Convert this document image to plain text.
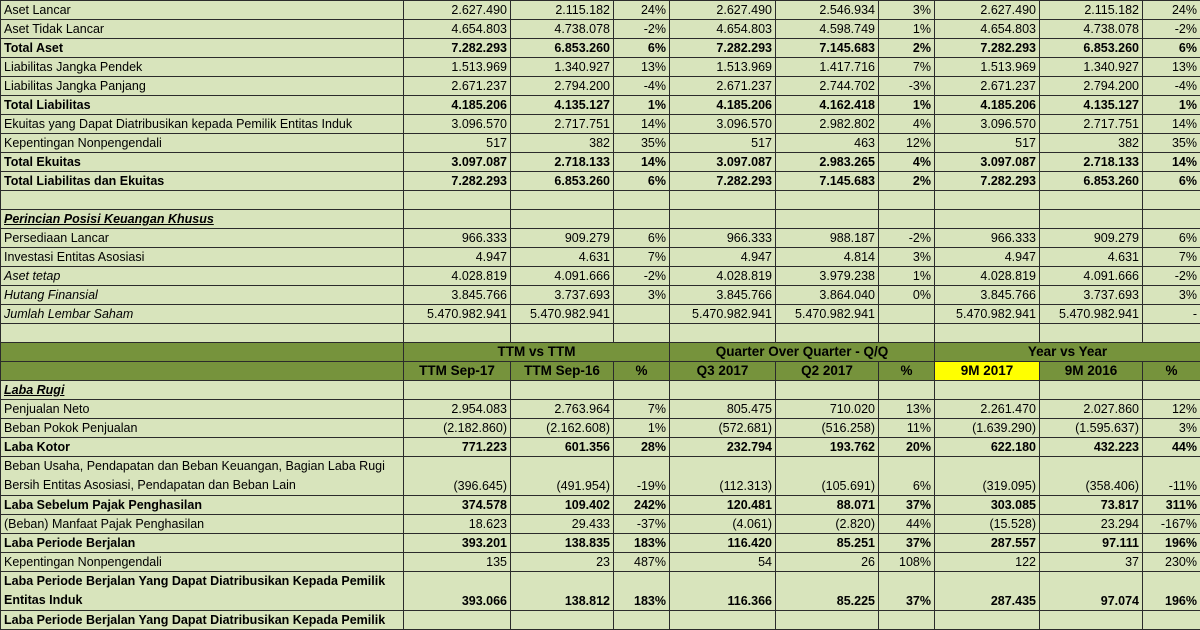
Aset Lancar	2.627.490	2.115.182	24%	2.627.490	2.546.934	3%	2.627.490	2.115.182	24%
Aset Tidak Lancar	4.654.803	4.738.078	-2%	4.654.803	4.598.749	1%	4.654.803	4.738.078	-2%
Total Aset	7.282.293	6.853.260	6%	7.282.293	7.145.683	2%	7.282.293	6.853.260	6%
Liabilitas Jangka Pendek	1.513.969	1.340.927	13%	1.513.969	1.417.716	7%	1.513.969	1.340.927	13%
Liabilitas Jangka Panjang	2.671.237	2.794.200	-4%	2.671.237	2.744.702	-3%	2.671.237	2.794.200	-4%
Total Liabilitas	4.185.206	4.135.127	1%	4.185.206	4.162.418	1%	4.185.206	4.135.127	1%
Ekuitas yang Dapat Diatribusikan kepada Pemilik Entitas Induk	3.096.570	2.717.751	14%	3.096.570	2.982.802	4%	3.096.570	2.717.751	14%
Kepentingan Nonpengendali	517	382	35%	517	463	12%	517	382	35%
Total Ekuitas	3.097.087	2.718.133	14%	3.097.087	2.983.265	4%	3.097.087	2.718.133	14%
Total Liabilitas dan Ekuitas	7.282.293	6.853.260	6%	7.282.293	7.145.683	2%	7.282.293	6.853.260	6%

Perincian Posisi Keuangan Khusus									
Persediaan Lancar	966.333	909.279	6%	966.333	988.187	-2%	966.333	909.279	6%
Investasi Entitas Asosiasi	4.947	4.631	7%	4.947	4.814	3%	4.947	4.631	7%
Aset tetap	4.028.819	4.091.666	-2%	4.028.819	3.979.238	1%	4.028.819	4.091.666	-2%
Hutang Finansial	3.845.766	3.737.693	3%	3.845.766	3.864.040	0%	3.845.766	3.737.693	3%
Jumlah Lembar Saham	5.470.982.941	5.470.982.941		5.470.982.941	5.470.982.941		5.470.982.941	5.470.982.941	-

	TTM vs TTM			Quarter Over Quarter - Q/Q			Year vs Year		
	TTM Sep-17	TTM Sep-16	%	Q3 2017	Q2 2017	%	9M 2017	9M 2016	%
Laba Rugi									
Penjualan Neto	2.954.083	2.763.964	7%	805.475	710.020	13%	2.261.470	2.027.860	12%
Beban Pokok Penjualan	(2.182.860)	(2.162.608)	1%	(572.681)	(516.258)	11%	(1.639.290)	(1.595.637)	3%
Laba Kotor	771.223	601.356	28%	232.794	193.762	20%	622.180	432.223	44%
Beban Usaha, Pendapatan dan Beban Keuangan, Bagian Laba Rugi Bersih Entitas Asosiasi, Pendapatan dan Beban Lain	(396.645)	(491.954)	-19%	(112.313)	(105.691)	6%	(319.095)	(358.406)	-11%
Laba Sebelum Pajak Penghasilan	374.578	109.402	242%	120.481	88.071	37%	303.085	73.817	311%
(Beban) Manfaat Pajak Penghasilan	18.623	29.433	-37%	(4.061)	(2.820)	44%	(15.528)	23.294	-167%
Laba Periode Berjalan	393.201	138.835	183%	116.420	85.251	37%	287.557	97.111	196%
Kepentingan Nonpengendali	135	23	487%	54	26	108%	122	37	230%
Laba Periode Berjalan Yang Dapat Diatribusikan Kepada Pemilik Entitas Induk	393.066	138.812	183%	116.366	85.225	37%	287.435	97.074	196%
Laba Periode Berjalan Yang Dapat Diatribusikan Kepada Pemilik									
